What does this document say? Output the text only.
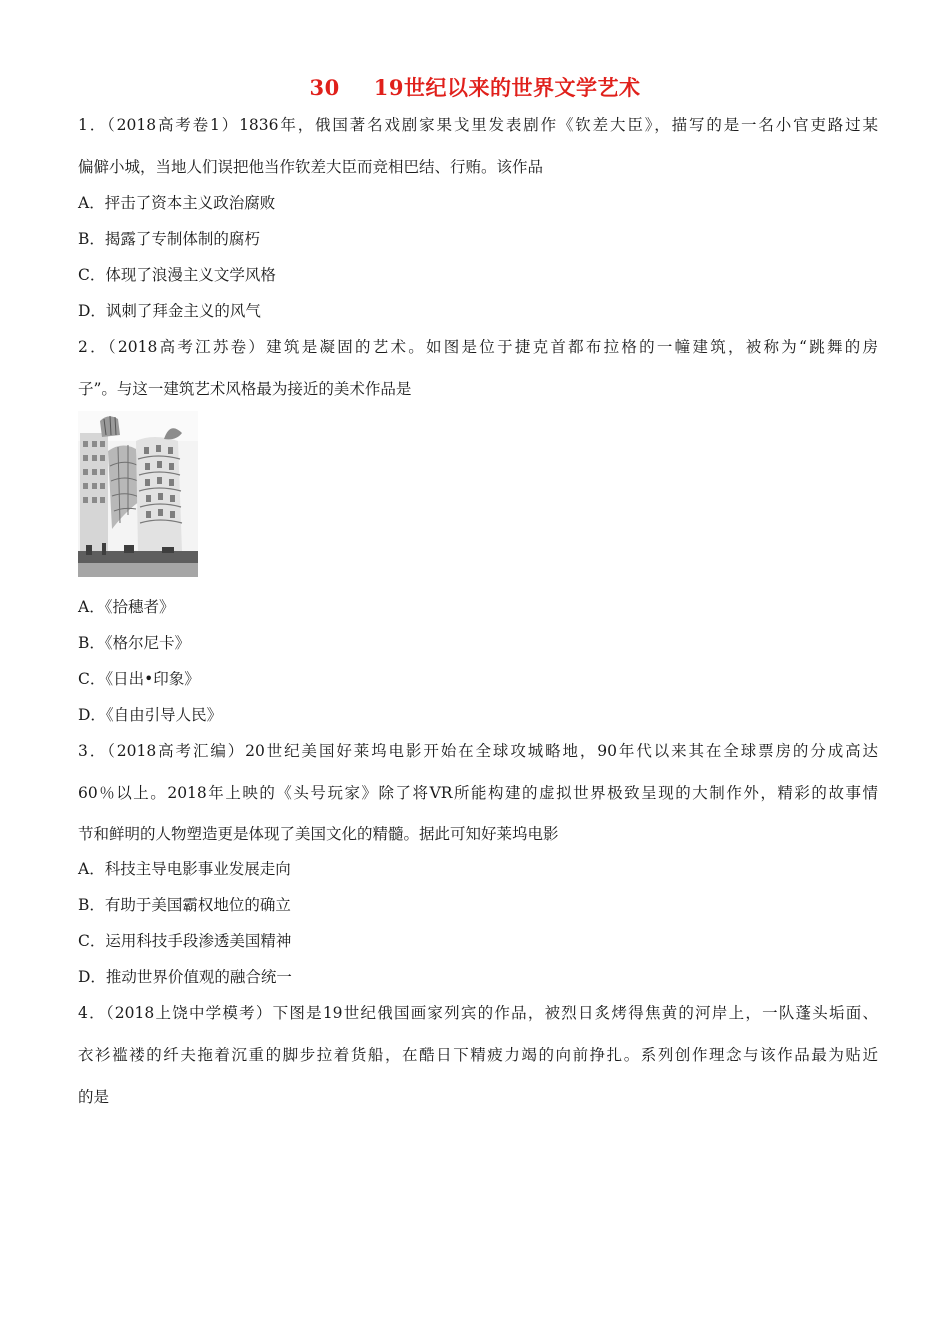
30 19世纪以来的世界文学艺术
1．（2018高考卷1）1836年，俄国著名戏剧家果戈里发表剧作《钦差大臣》，描写的是一名小官吏路过某
偏僻小城，当地人们误把他当作钦差大臣而竞相巴结、行贿。该作品
A．抨击了资本主义政治腐败
B．揭露了专制体制的腐朽
C．体现了浪漫主义文学风格
D．讽刺了拜金主义的风气
2．（2018高考江苏卷）建筑是凝固的艺术。如图是位于捷克首都布拉格的一幢建筑，被称为“跳舞的房
子”。与这一建筑艺术风格最为接近的美术作品是
A．《拾穗者》
B．《格尔尼卡》
C．《日出•印象》
D．《自由引导人民》
3．（2018高考汇编）20世纪美国好莱坞电影开始在全球攻城略地，90年代以来其在全球票房的分成高达
60％以上。2018年上映的《头号玩家》除了将VR所能构建的虚拟世界极致呈现的大制作外，精彩的故事情
节和鲜明的人物塑造更是体现了美国文化的精髓。据此可知好莱坞电影
A．科技主导电影事业发展走向
B．有助于美国霸权地位的确立
C．运用科技手段渗透美国精神
D．推动世界价值观的融合统一
4．（2018上饶中学模考）下图是19世纪俄国画家列宾的作品，被烈日炙烤得焦黄的河岸上，一队蓬头垢面、
衣衫褴褛的纤夫拖着沉重的脚步拉着货船，在酷日下精疲力竭的向前挣扎。系列创作理念与该作品最为贴近
的是
